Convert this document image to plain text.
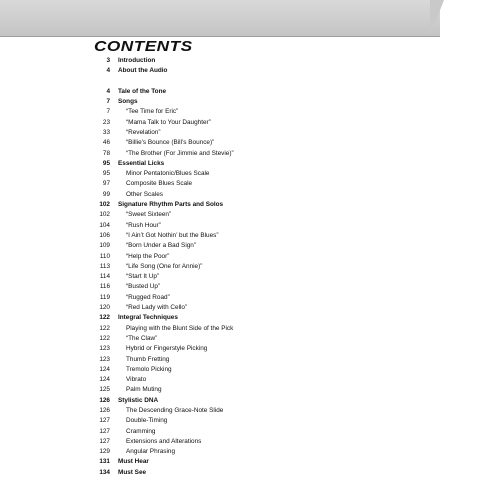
CONTENTS
3 Introduction
4 About the Audio
4 Tale of the Tone
7 Songs
7	“Tee Time for Eric”
23	“Mama Talk to Your Daughter”
33	“Revelation”
46	“Billie’s Bounce (Bill’s Bounce)”
78	“The Brother (For Jimmie and Stevie)”
95 Essential Licks
95	Minor Pentatonic/Blues Scale
97	Composite Blues Scale
99	Other Scales
102 Signature Rhythm Parts and Solos
102	“Sweet Sixteen”
104	“Rush Hour”
106	“I Ain’t Got Nothin’ but the Blues”
109	“Born Under a Bad Sign”
110	“Help the Poor”
113	“Life Song (One for Annie)”
114	“Start It Up”
116	“Busted Up”
119	“Rugged Road”
120	“Red Lady with Cello”
122 Integral Techniques
122	Playing with the Blunt Side of the Pick
122	“The Claw”
123	Hybrid or Fingerstyle Picking
123	Thumb Fretting
124	Tremolo Picking
124	Vibrato
125	Palm Muting
126 Stylistic DNA
126	The Descending Grace-Note Slide
127	Double-Timing
127	Cramming
127	Extensions and Alterations
129	Angular Phrasing
131 Must Hear
134 Must See
